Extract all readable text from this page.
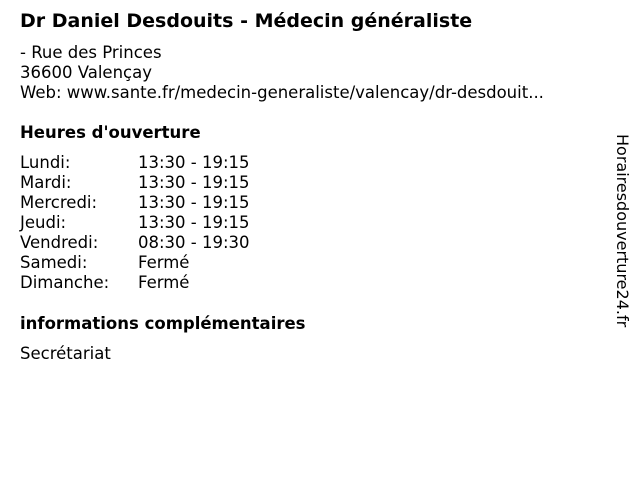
Dr Daniel Desdouits - Médecin généraliste
- Rue des Princes
36600 Valençay
Web: www.sante.fr/medecin-generaliste/valencay/dr-desdouit...
Heures d'ouverture
Lundi:	13:30 - 19:15
Mardi:	13:30 - 19:15
Mercredi:	13:30 - 19:15
Jeudi:	13:30 - 19:15
Vendredi:	08:30 - 19:30
Samedi:	Fermé
Dimanche:	Fermé
informations complémentaires
Secrétariat
Horairesdouverture24.fr
